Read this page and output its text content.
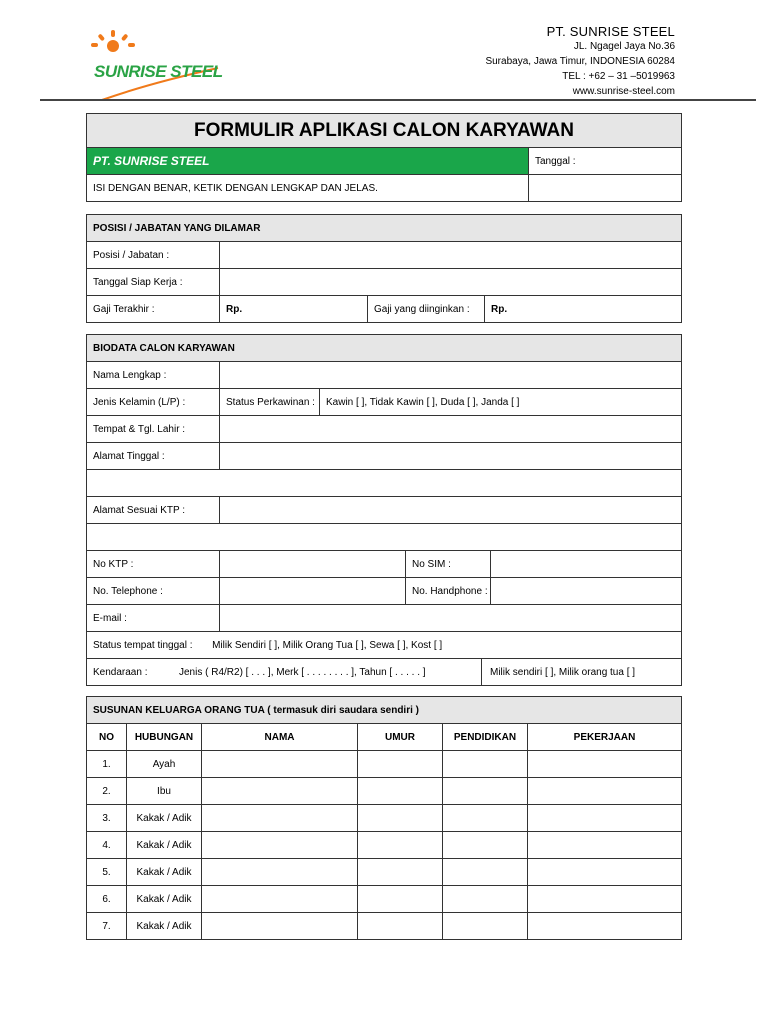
SUNRISE STEEL
PT. SUNRISE STEEL
JL. Ngagel Jaya No.36
Surabaya, Jawa Timur, INDONESIA 60284
TEL : +62 – 31 –5019963
www.sunrise-steel.com
FORMULIR APLIKASI CALON KARYAWAN	
PT. SUNRISE STEEL	Tanggal :
ISI DENGAN BENAR, KETIK DENGAN LENGKAP DAN JELAS.	
POSISI / JABATAN YANG DILAMAR			
Posisi / Jabatan :			
Tanggal Siap Kerja :			
Gaji Terakhir :	Rp.	Gaji yang diinginkan :	Rp.
BIODATA CALON KARYAWAN				
Nama Lengkap :				
Jenis Kelamin (L/P) :	Status Perkawinan :	Kawin [ ], Tidak Kawin [ ], Duda [ ], Janda [ ]		
Tempat & Tgl. Lahir :				
Alamat Tinggal :				

Alamat Sesuai KTP :				

No KTP :			No SIM :	
No. Telephone :			No. Handphone :	
E-mail :				
Status tempat tinggal : Milik Sendiri [ ], Milik Orang Tua [ ], Sewa [ ], Kost [ ]				

Kendaraan : Jenis ( R4/R2) [ . . . ], Merk [ . . . . . . . . ], Tahun [ . . . . . ] Milik sendiri [ ], Milik orang tua [ ]				
SUSUNAN KELUARGA ORANG TUA ( termasuk diri saudara sendiri )					
NO	HUBUNGAN	NAMA	UMUR	PENDIDIKAN	PEKERJAAN
1.	Ayah				
2.	Ibu				
3.	Kakak / Adik				
4.	Kakak / Adik				
5.	Kakak / Adik				
6.	Kakak / Adik				
7.	Kakak / Adik				
